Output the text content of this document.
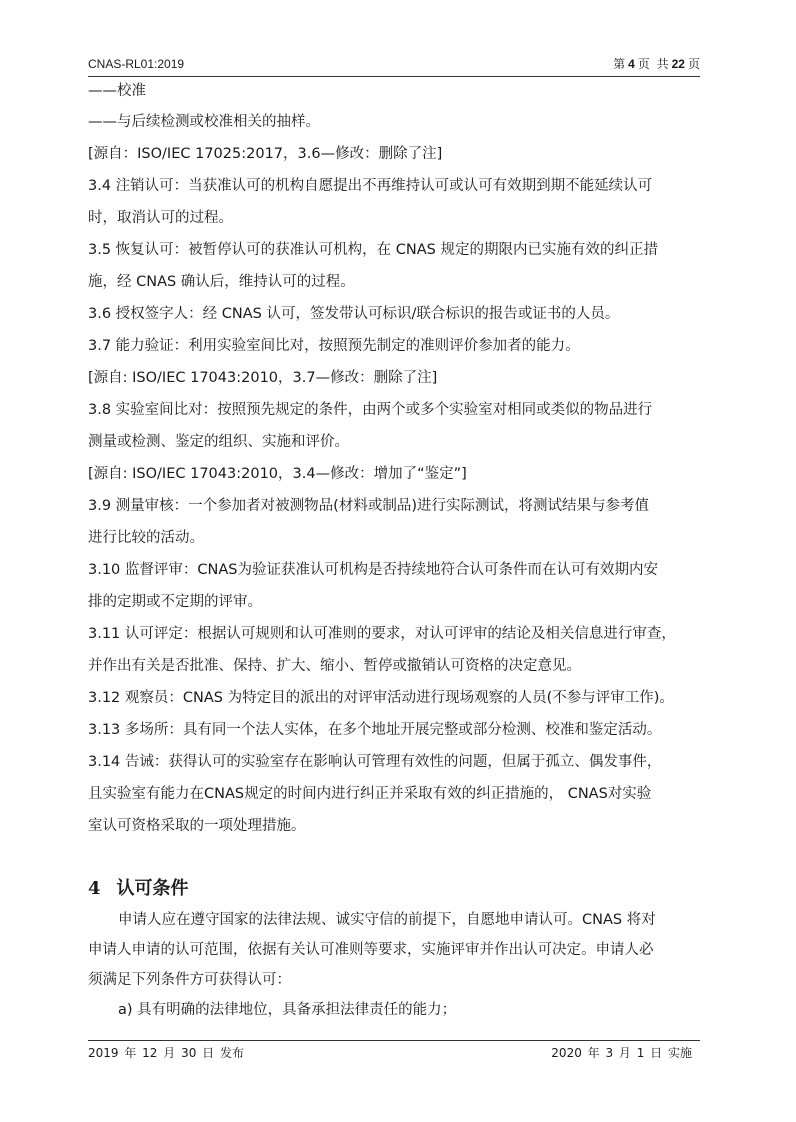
CNAS-RL01:2019	第 4 页 共 22 页
——校准
——与后续检测或校准相关的抽样。
[源自：ISO/IEC 17025:2017，3.6—修改：删除了注]
3.4 注销认可：当获准认可的机构自愿提出不再维持认可或认可有效期到期不能延续认可
时，取消认可的过程。
3.5 恢复认可：被暂停认可的获准认可机构，在 CNAS 规定的期限内已实施有效的纠正措
施，经 CNAS 确认后，维持认可的过程。
3.6 授权签字人：经 CNAS 认可，签发带认可标识/联合标识的报告或证书的人员。
3.7 能力验证：利用实验室间比对，按照预先制定的准则评价参加者的能力。
[源自: ISO/IEC 17043:2010，3.7—修改：删除了注]
3.8 实验室间比对：按照预先规定的条件，由两个或多个实验室对相同或类似的物品进行
测量或检测、鉴定的组织、实施和评价。
[源自: ISO/IEC 17043:2010，3.4—修改：增加了“鉴定”]
3.9 测量审核：一个参加者对被测物品(材料或制品)进行实际测试，将测试结果与参考值
进行比较的活动。
3.10 监督评审：CNAS为验证获准认可机构是否持续地符合认可条件而在认可有效期内安
排的定期或不定期的评审。
3.11 认可评定：根据认可规则和认可准则的要求，对认可评审的结论及相关信息进行审查，
并作出有关是否批准、保持、扩大、缩小、暂停或撤销认可资格的决定意见。
3.12 观察员：CNAS 为特定目的派出的对评审活动进行现场观察的人员(不参与评审工作)。
3.13 多场所：具有同一个法人实体，在多个地址开展完整或部分检测、校准和鉴定活动。
3.14 告诫：获得认可的实验室存在影响认可管理有效性的问题，但属于孤立、偶发事件，
且实验室有能力在CNAS规定的时间内进行纠正并采取有效的纠正措施的， CNAS对实验
室认可资格采取的一项处理措施。
4 认可条件
申请人应在遵守国家的法律法规、诚实守信的前提下，自愿地申请认可。CNAS 将对
申请人申请的认可范围，依据有关认可准则等要求，实施评审并作出认可决定。申请人必
须满足下列条件方可获得认可：
a) 具有明确的法律地位，具备承担法律责任的能力；
2019 年 12 月 30 日 发布	2020 年 3 月 1 日 实施
